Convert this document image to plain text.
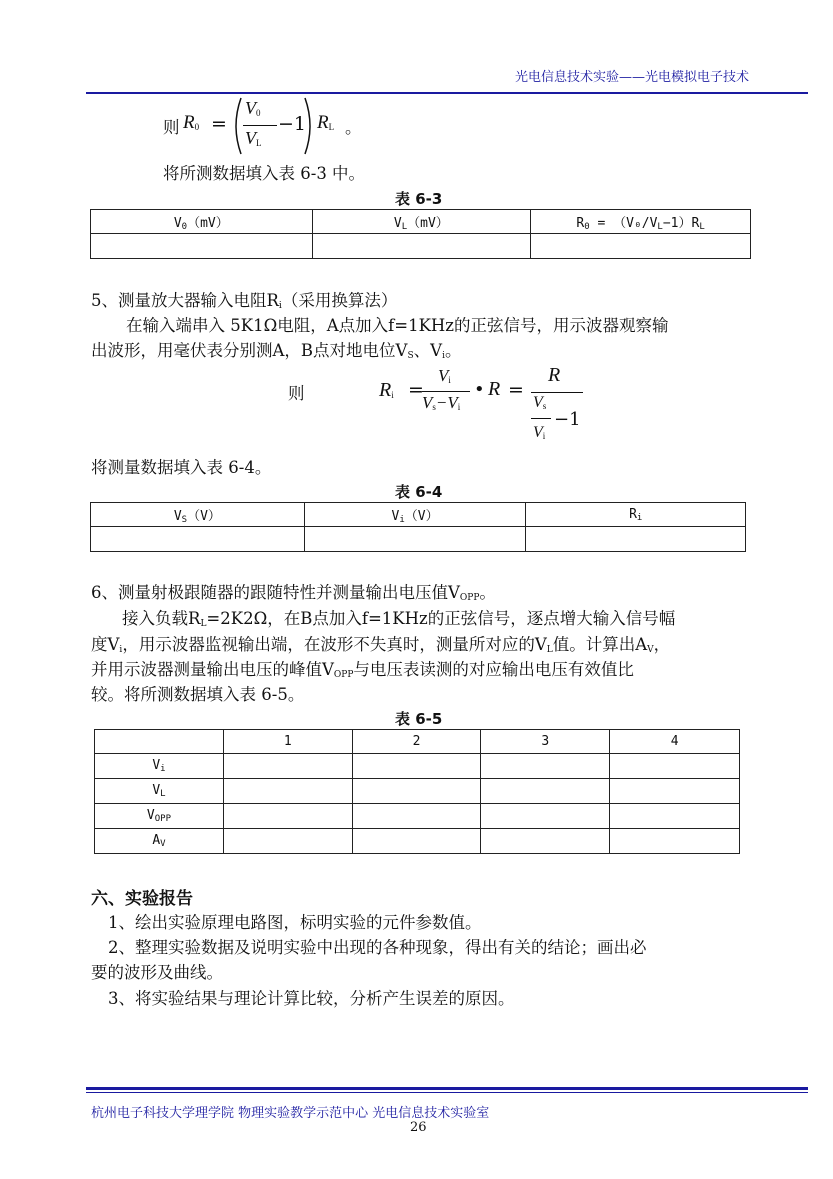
光电信息技术实验——光电模拟电子技术
则 $R_0$ =
$V_0$
$V_L$
−1 $R_L$ 。
将所测数据填入表 6-3 中。
表 6-3
$V_0(mV)$	$V_L(mV)$	$R_0 = (V_0/V_L-1)R_L$

5、测量放大器输入电阻$R_i$（采用换算法）
在输入端串入 5K1Ω电阻，A点加入f=1KHz的正弦信号，用示波器观察输
出波形，用毫伏表分别测A，B点对地电位$V_S$、$V_i$。
则	$R_i$ =
$V_i$
$V_s-V_i$
• R =
R
$V_s$
−1
$V_i$
将测量数据填入表 6-4。
表 6-4
$V_S(V)$	$V_i(V)$	$R_i$

6、测量射极跟随器的跟随特性并测量输出电压值$V_{OPP}$。
接入负载$R_L=2K2\Omega$，在B点加入f=1KHz的正弦信号，逐点增大输入信号幅
度$V_i$，用示波器监视输出端，在波形不失真时，测量所对应的$V_L$值。计算出$A_V$，
并用示波器测量输出电压的峰值$V_{OPP}$与电压表读测的对应输出电压有效值比
较。将所测数据填入表 6-5。
表 6-5
	1	2	3	4
$V_i$				
$V_L$				
$V_{OPP}$				
$A_V$				
六、实验报告
1、绘出实验原理电路图，标明实验的元件参数值。
2、整理实验数据及说明实验中出现的各种现象，得出有关的结论；画出必
要的波形及曲线。
3、将实验结果与理论计算比较，分析产生误差的原因。
杭州电子科技大学理学院 物理实验教学示范中心 光电信息技术实验室
26
